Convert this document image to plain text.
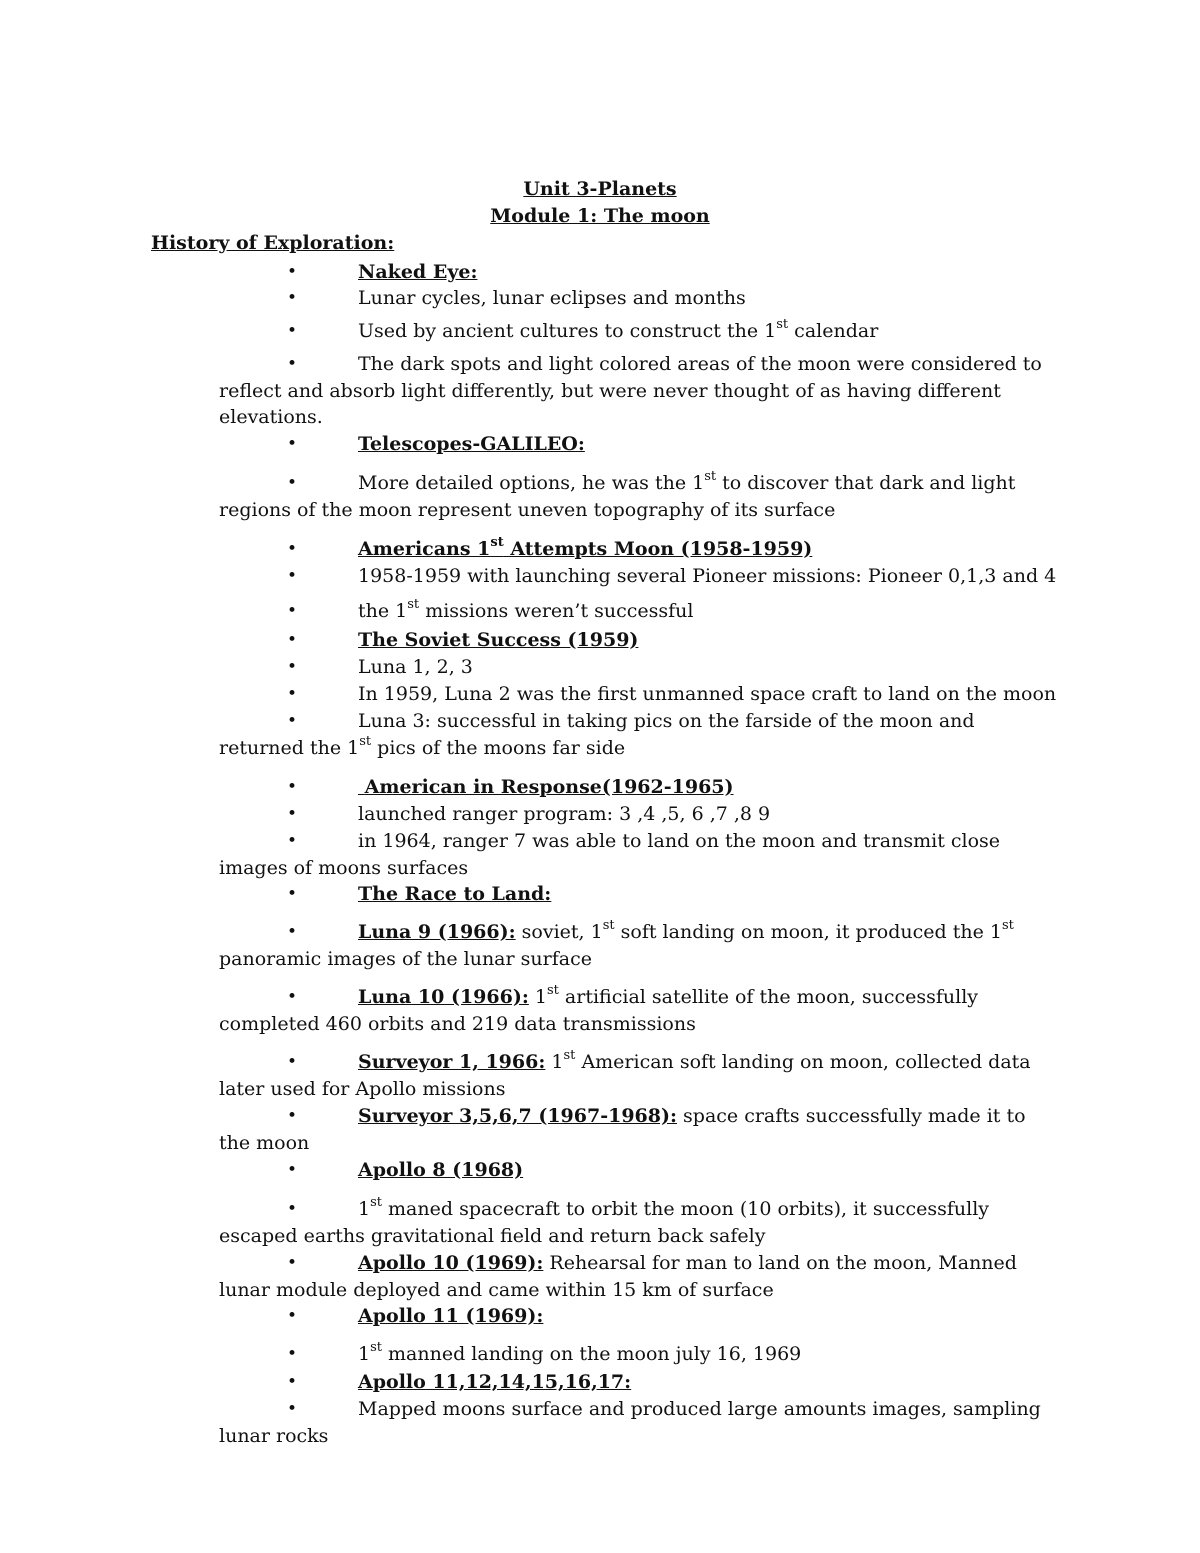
Unit 3-Planets
Module 1: The moon
History of Exploration:
•	Naked Eye:
•	Lunar cycles, lunar eclipses and months
•	Used by ancient cultures to construct the 1st calendar
•	The dark spots and light colored areas of the moon were considered to reflect and absorb light differently, but were never thought of as having different elevations.
•	Telescopes-GALILEO:
•	More detailed options, he was the 1st to discover that dark and light regions of the moon represent uneven topography of its surface
•	Americans 1st Attempts Moon (1958-1959)
•	1958-1959 with launching several Pioneer missions: Pioneer 0,1,3 and 4
•	the 1st missions weren’t successful
•	The Soviet Success (1959)
•	Luna 1, 2, 3
•	In 1959, Luna 2 was the first unmanned space craft to land on the moon
•	Luna 3: successful in taking pics on the farside of the moon and returned the 1st pics of the moons far side
•	American in Response(1962-1965)
•	launched ranger program: 3 ,4 ,5, 6 ,7 ,8 9
•	in 1964, ranger 7 was able to land on the moon and transmit close images of moons surfaces
•	The Race to Land:
•	Luna 9 (1966): soviet, 1st soft landing on moon, it produced the 1st panoramic images of the lunar surface
•	Luna 10 (1966): 1st artificial satellite of the moon, successfully completed 460 orbits and 219 data transmissions
•	Surveyor 1, 1966: 1st American soft landing on moon, collected data later used for Apollo missions
•	Surveyor 3,5,6,7 (1967-1968): space crafts successfully made it to the moon
•	Apollo 8 (1968)
•	1st maned spacecraft to orbit the moon (10 orbits), it successfully escaped earths gravitational field and return back safely
•	Apollo 10 (1969): Rehearsal for man to land on the moon, Manned lunar module deployed and came within 15 km of surface
•	Apollo 11 (1969):
•	1st manned landing on the moon july 16, 1969
•	Apollo 11,12,14,15,16,17:
•	Mapped moons surface and produced large amounts images, sampling lunar rocks
